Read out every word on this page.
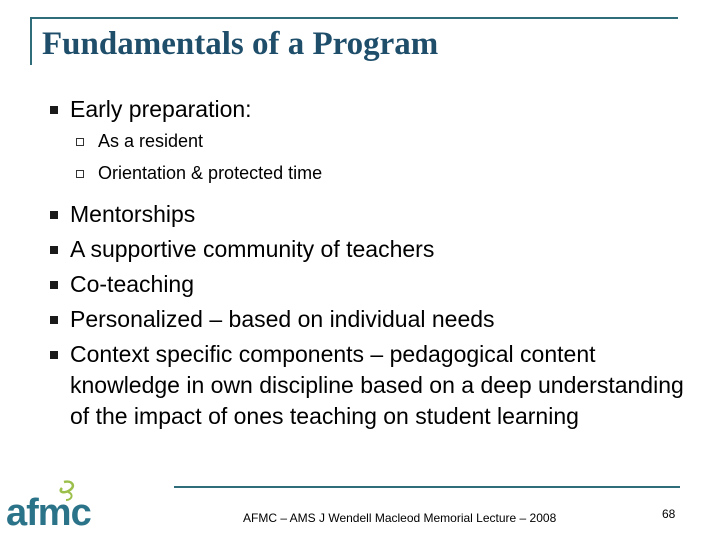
Fundamentals of a Program
Early preparation:
As a resident
Orientation & protected time
Mentorships
A supportive community of teachers
Co-teaching
Personalized – based on individual needs
Context specific components – pedagogical content knowledge in own discipline based on a deep understanding of the impact of ones teaching on student learning
afmc	AFMC – AMS J Wendell Macleod Memorial Lecture – 2008	68
